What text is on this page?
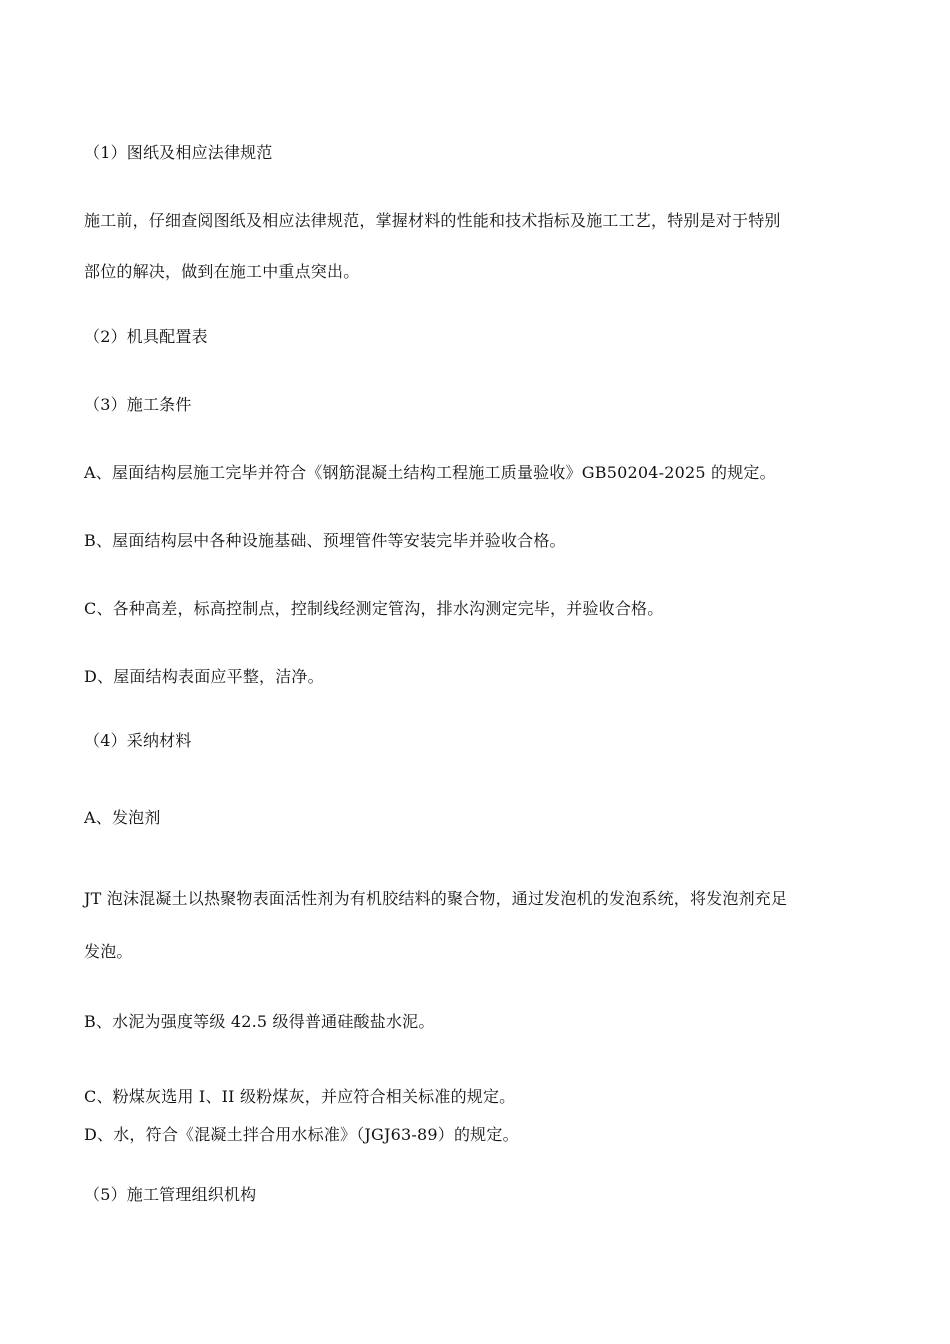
（1）图纸及相应法律规范
施工前，仔细查阅图纸及相应法律规范，掌握材料的性能和技术指标及施工工艺，特别是对于特别
部位的解决，做到在施工中重点突出。
（2）机具配置表
（3）施工条件
A、屋面结构层施工完毕并符合《钢筋混凝土结构工程施工质量验收》GB50204-2025 的规定。
B、屋面结构层中各种设施基础、预埋管件等安装完毕并验收合格。
C、各种高差，标高控制点，控制线经测定管沟，排水沟测定完毕，并验收合格。
D、屋面结构表面应平整，洁净。
（4）采纳材料
A、发泡剂
JT 泡沫混凝土以热聚物表面活性剂为有机胶结料的聚合物，通过发泡机的发泡系统，将发泡剂充足
发泡。
B、水泥为强度等级 42.5 级得普通硅酸盐水泥。
C、粉煤灰选用 I、II 级粉煤灰，并应符合相关标准的规定。
D、水，符合《混凝土拌合用水标准》（JGJ63-89）的规定。
（5）施工管理组织机构
